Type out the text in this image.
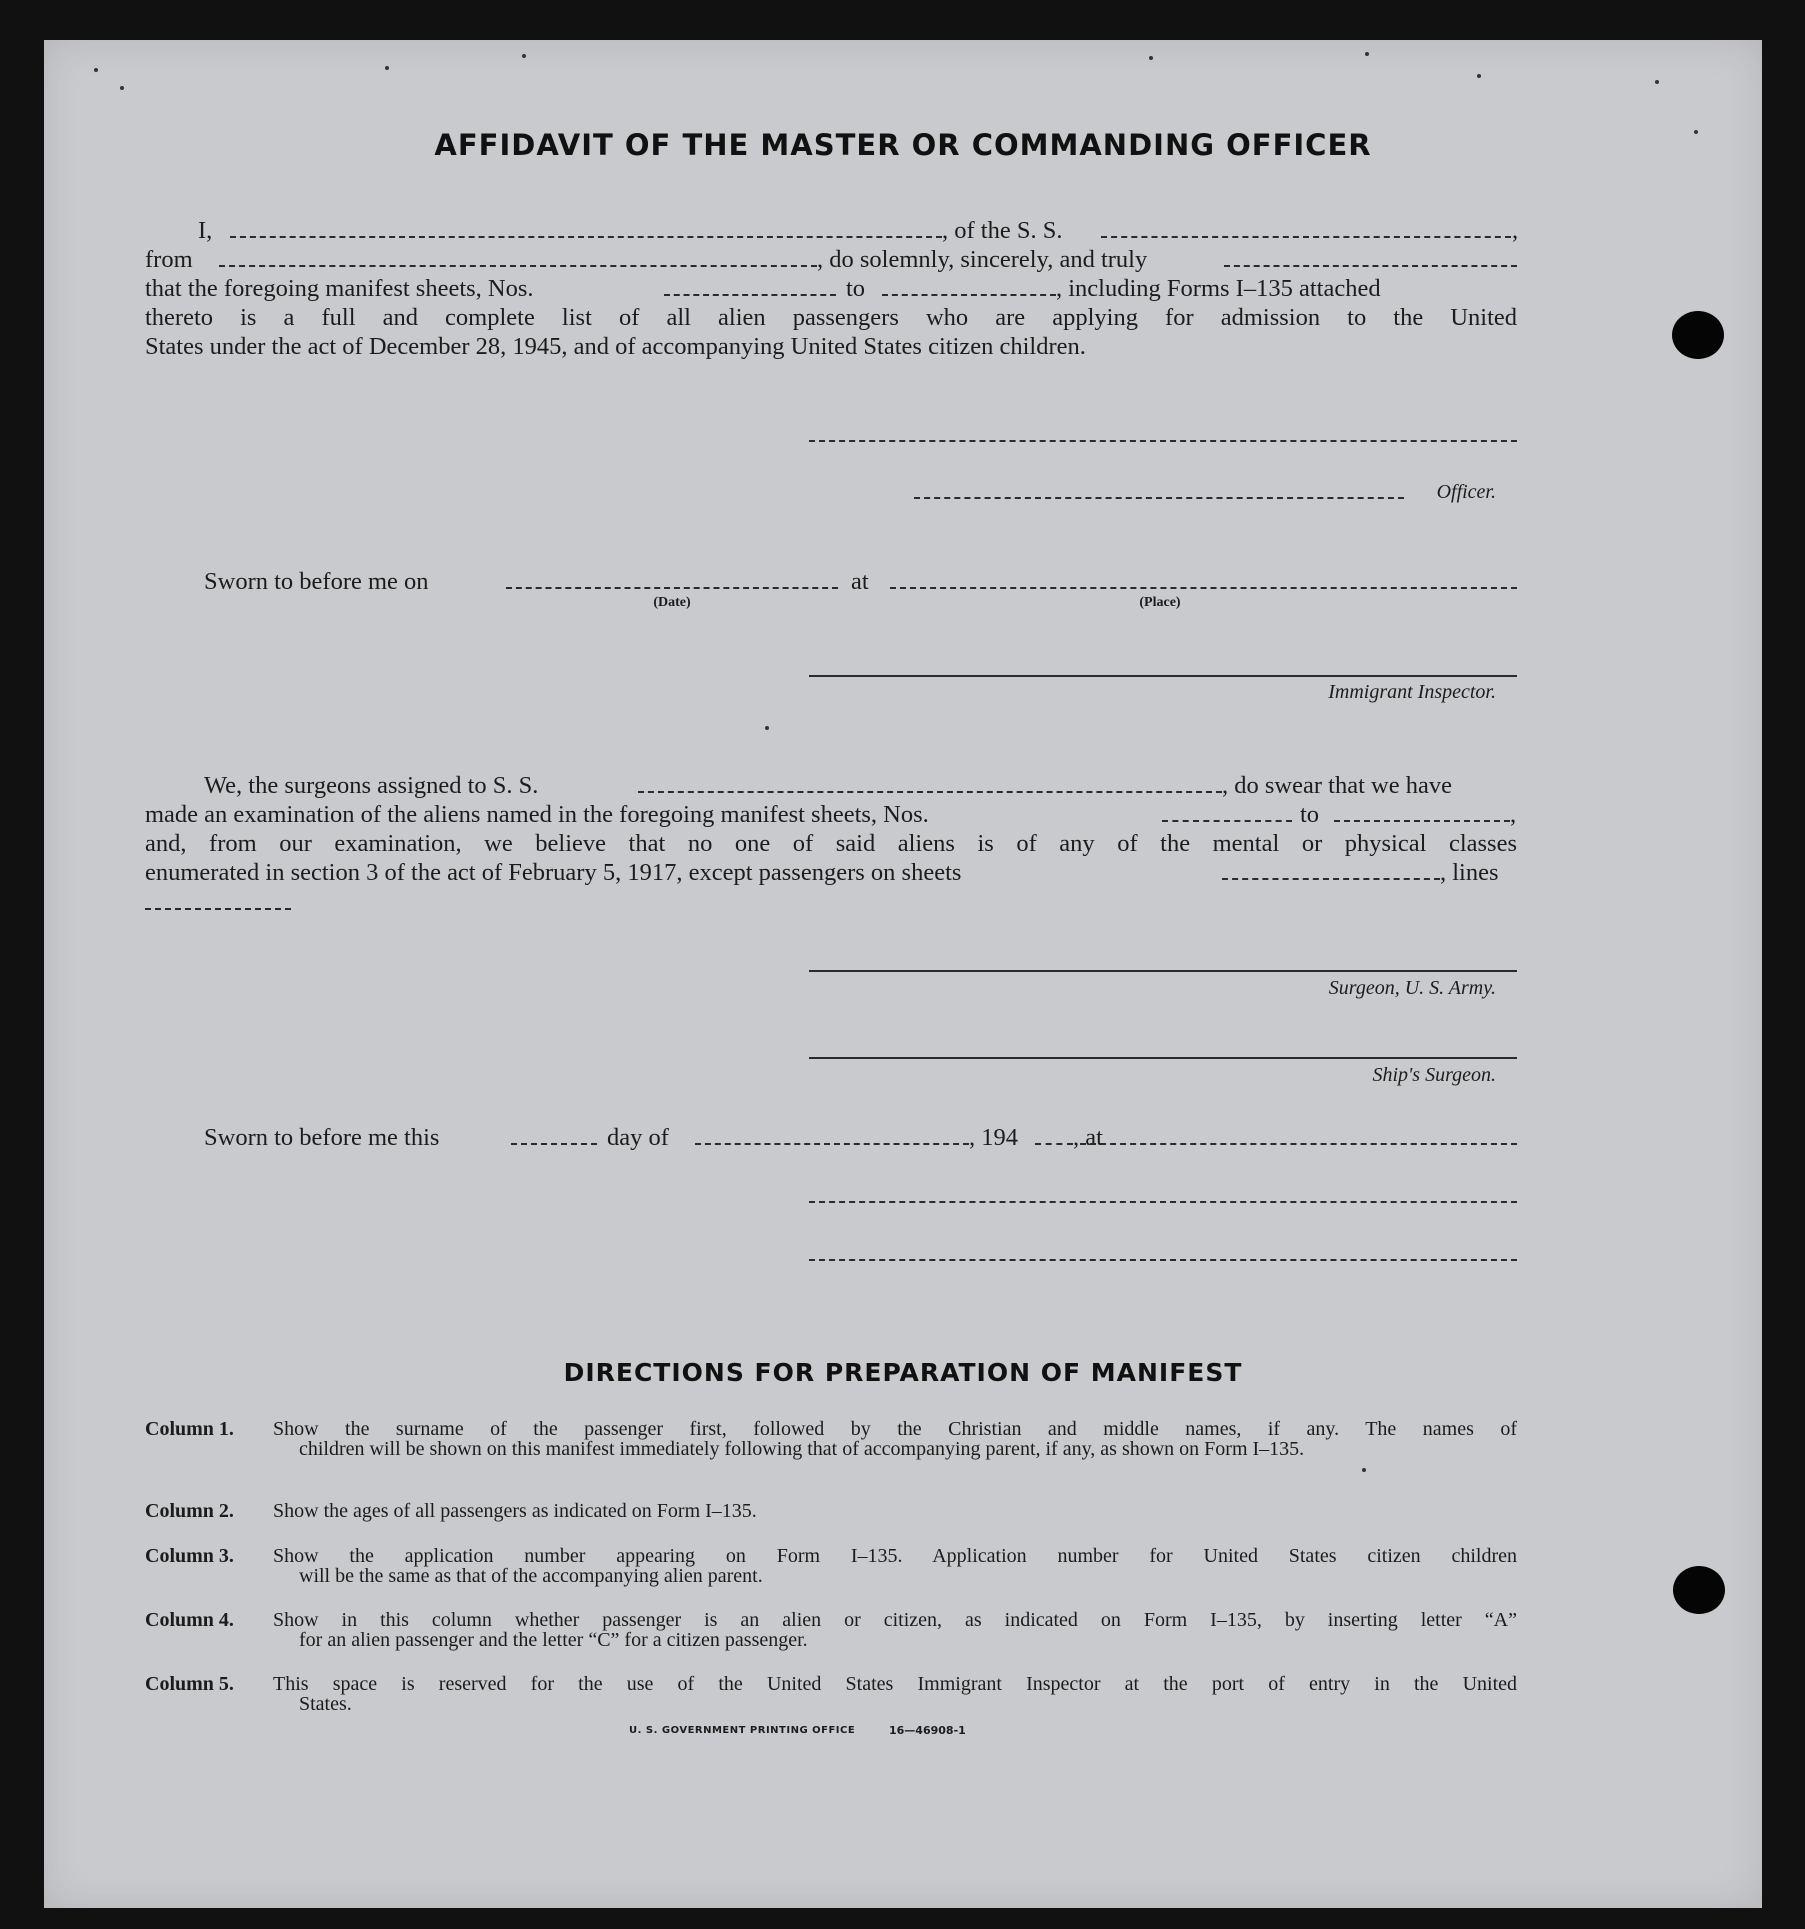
AFFIDAVIT OF THE MASTER OR COMMANDING OFFICER
I,	, of the S. S.	,
from	, do solemnly, sincerely, and truly
that the foregoing manifest sheets, Nos.	to	, including Forms I–135 attached
thereto is a full and complete list of all alien passengers who are applying for admission to the United
States under the act of December 28, 1945, and of accompanying United States citizen children.
Officer.
Sworn to before me on
(Date)
at
(Place)
Immigrant Inspector.
We, the surgeons assigned to S. S.	, do swear that we have
made an examination of the aliens named in the foregoing manifest sheets, Nos.	to	,
and, from our examination, we believe that no one of said aliens is of any of the mental or physical classes
enumerated in section 3 of the act of February 5, 1917, except passengers on sheets	, lines
Surgeon, U. S. Army.
Ship's Surgeon.
Sworn to before me this	day of	, 194 , at
DIRECTIONS FOR PREPARATION OF MANIFEST
Column 1. Show the surname of the passenger first, followed by the Christian and middle names, if any. The names of
children will be shown on this manifest immediately following that of accompanying parent, if any, as shown on Form I–135.
Column 2. Show the ages of all passengers as indicated on Form I–135.
Column 3. Show the application number appearing on Form I–135. Application number for United States citizen children
will be the same as that of the accompanying alien parent.
Column 4. Show in this column whether passenger is an alien or citizen, as indicated on Form I–135, by inserting letter “A”
for an alien passenger and the letter “C” for a citizen passenger.
Column 5. This space is reserved for the use of the United States Immigrant Inspector at the port of entry in the United
States.
U. S. GOVERNMENT PRINTING OFFICE	16—46908-1
